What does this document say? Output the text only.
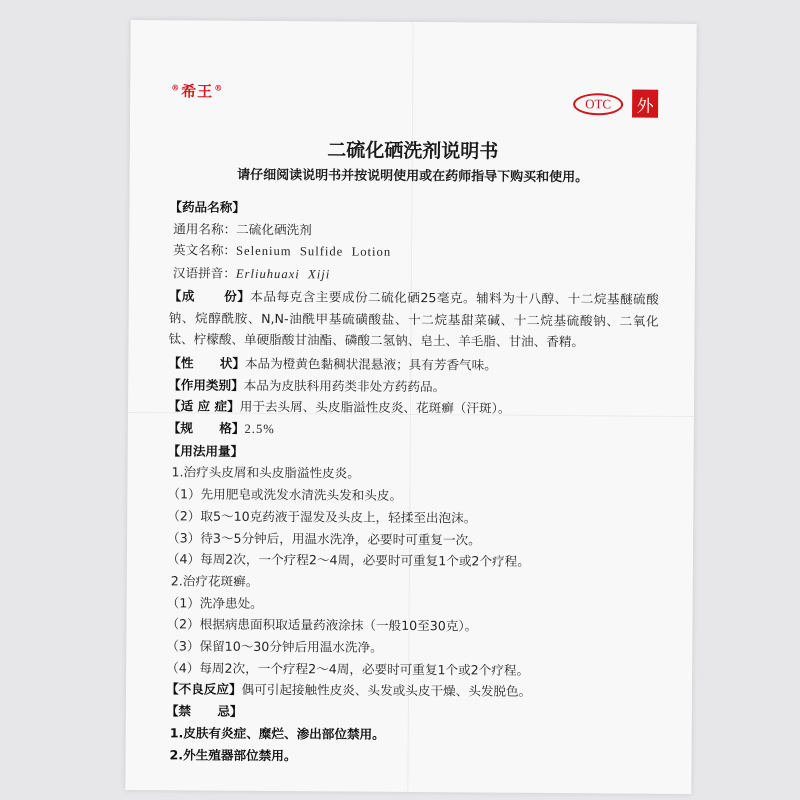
®希王®
OTC	外
二硫化硒洗剂说明书
请仔细阅读说明书并按说明使用或在药师指导下购买和使用。
【药品名称】
通用名称：二硫化硒洗剂
英文名称：Selenium  Sulfide  Lotion
汉语拼音：Erliuhuaxi  Xiji
【成      份】本品每克含主要成份二硫化硒25毫克。辅料为十八醇、十二烷基醚硫酸钠、烷醇酰胺、N,N-油酰甲基硫磺酸盐、十二烷基甜菜碱、十二烷基硫酸钠、二氧化钛、柠檬酸、单硬脂酸甘油酯、磷酸二氢钠、皂土、羊毛脂、甘油、香精。
【性      状】本品为橙黄色黏稠状混悬液；具有芳香气味。
【作用类别】本品为皮肤科用药类非处方药药品。
【适 应 症】用于去头屑、头皮脂溢性皮炎、花斑癣（汗斑）。
【规      格】2.5%
【用法用量】
1.治疗头皮屑和头皮脂溢性皮炎。
（1）先用肥皂或洗发水清洗头发和头皮。
（2）取5～10克药液于湿发及头皮上，轻揉至出泡沫。
（3）待3～5分钟后，用温水洗净，必要时可重复一次。
（4）每周2次，一个疗程2～4周，必要时可重复1个或2个疗程。
2.治疗花斑癣。
（1）洗净患处。
（2）根据病患面积取适量药液涂抹（一般10至30克）。
（3）保留10～30分钟后用温水洗净。
（4）每周2次，一个疗程2～4周，必要时可重复1个或2个疗程。
【不良反应】偶可引起接触性皮炎、头发或头皮干燥、头发脱色。
【禁      忌】
1.皮肤有炎症、糜烂、渗出部位禁用。
2.外生殖器部位禁用。
